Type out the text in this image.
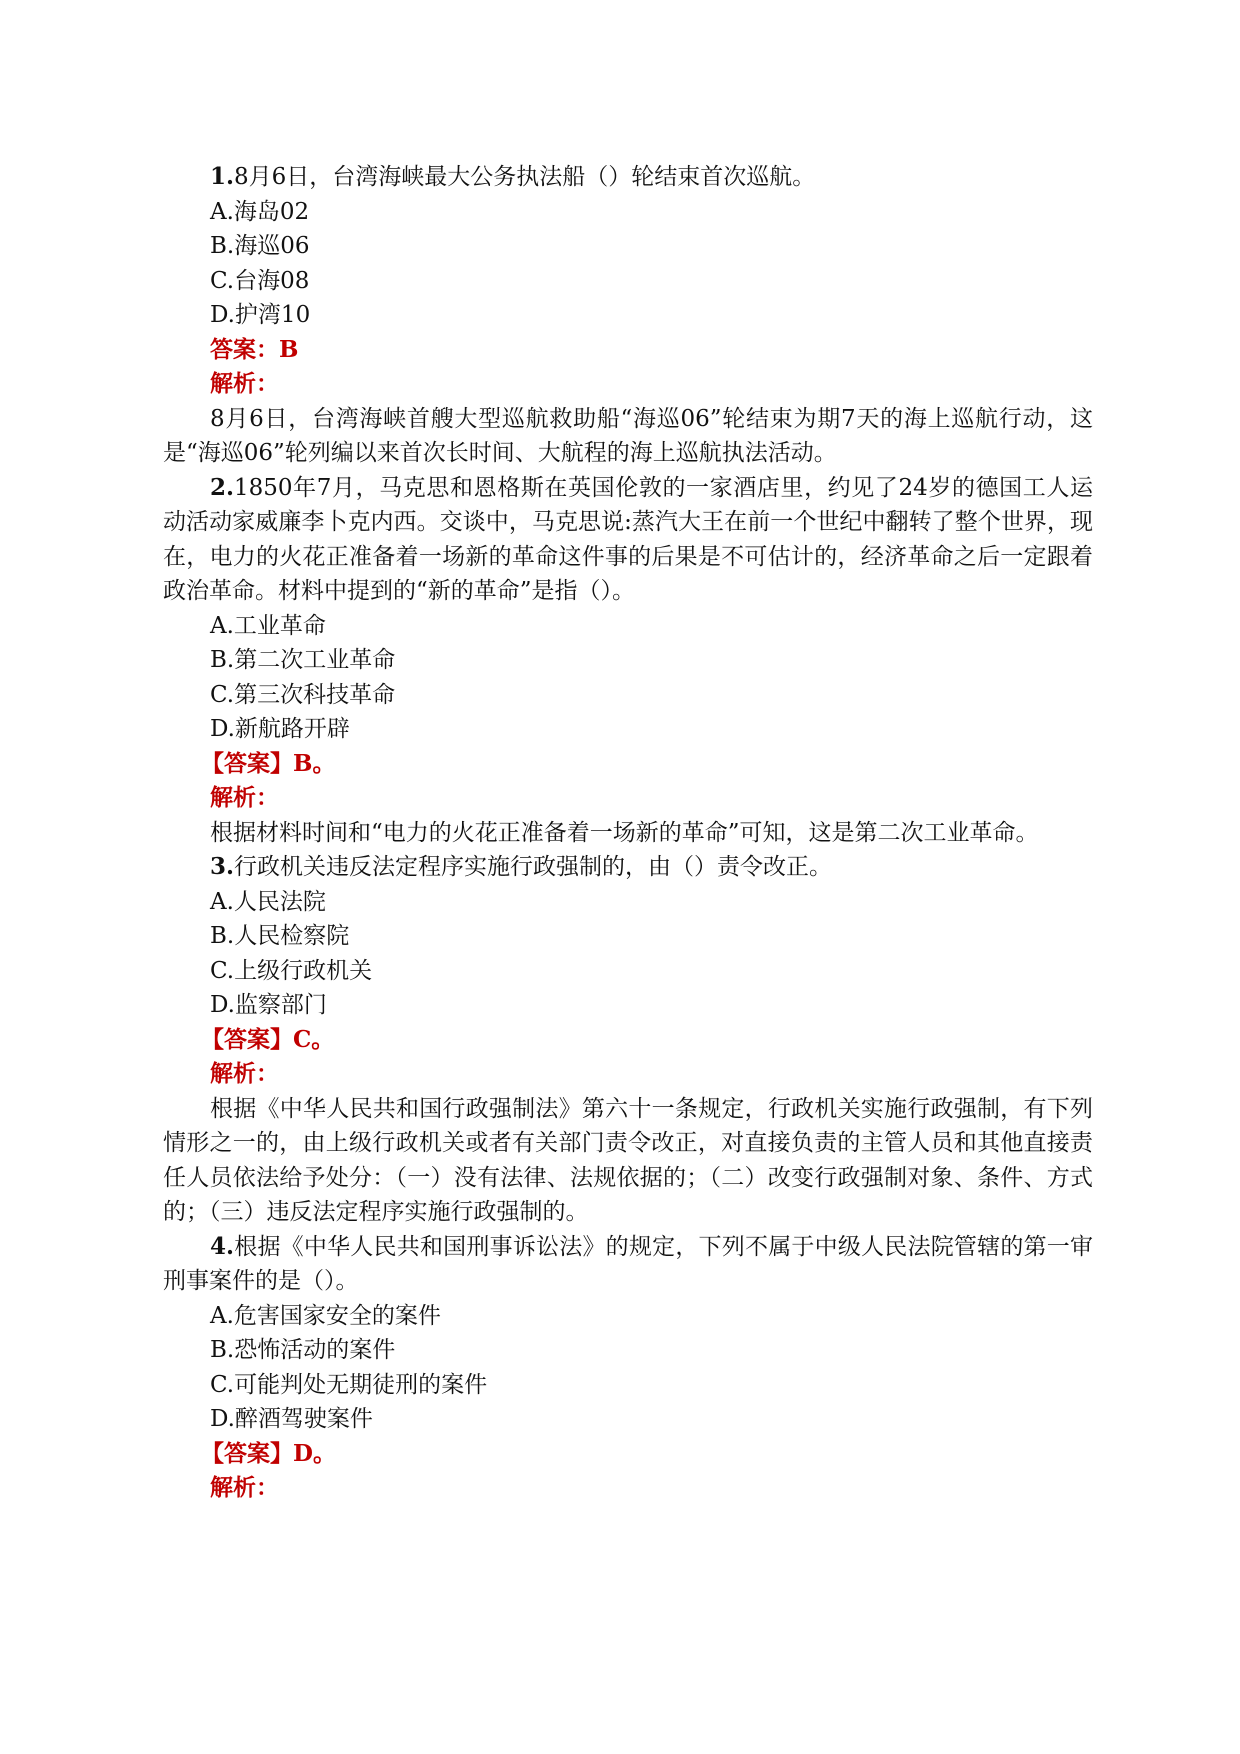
1.8月6日，台湾海峡最大公务执法船（）轮结束首次巡航。
A.海岛02
B.海巡06
C.台海08
D.护湾10
答案：B
解析：
8月6日，台湾海峡首艘大型巡航救助船“海巡06”轮结束为期7天的海上巡航行动，这是“海巡06”轮列编以来首次长时间、大航程的海上巡航执法活动。
2.1850年7月，马克思和恩格斯在英国伦敦的一家酒店里，约见了24岁的德国工人运动活动家威廉李卜克内西。交谈中，马克思说:蒸汽大王在前一个世纪中翻转了整个世界，现在，电力的火花正准备着一场新的革命这件事的后果是不可估计的，经济革命之后一定跟着政治革命。材料中提到的“新的革命”是指（）。
A.工业革命
B.第二次工业革命
C.第三次科技革命
D.新航路开辟
【答案】B。
解析：
根据材料时间和“电力的火花正准备着一场新的革命”可知，这是第二次工业革命。
3.行政机关违反法定程序实施行政强制的，由（）责令改正。
A.人民法院
B.人民检察院
C.上级行政机关
D.监察部门
【答案】C。
解析：
根据《中华人民共和国行政强制法》第六十一条规定，行政机关实施行政强制，有下列情形之一的，由上级行政机关或者有关部门责令改正，对直接负责的主管人员和其他直接责任人员依法给予处分：（一）没有法律、法规依据的；（二）改变行政强制对象、条件、方式的；（三）违反法定程序实施行政强制的。
4.根据《中华人民共和国刑事诉讼法》的规定，下列不属于中级人民法院管辖的第一审刑事案件的是（）。
A.危害国家安全的案件
B.恐怖活动的案件
C.可能判处无期徒刑的案件
D.醉酒驾驶案件
【答案】D。
解析：
